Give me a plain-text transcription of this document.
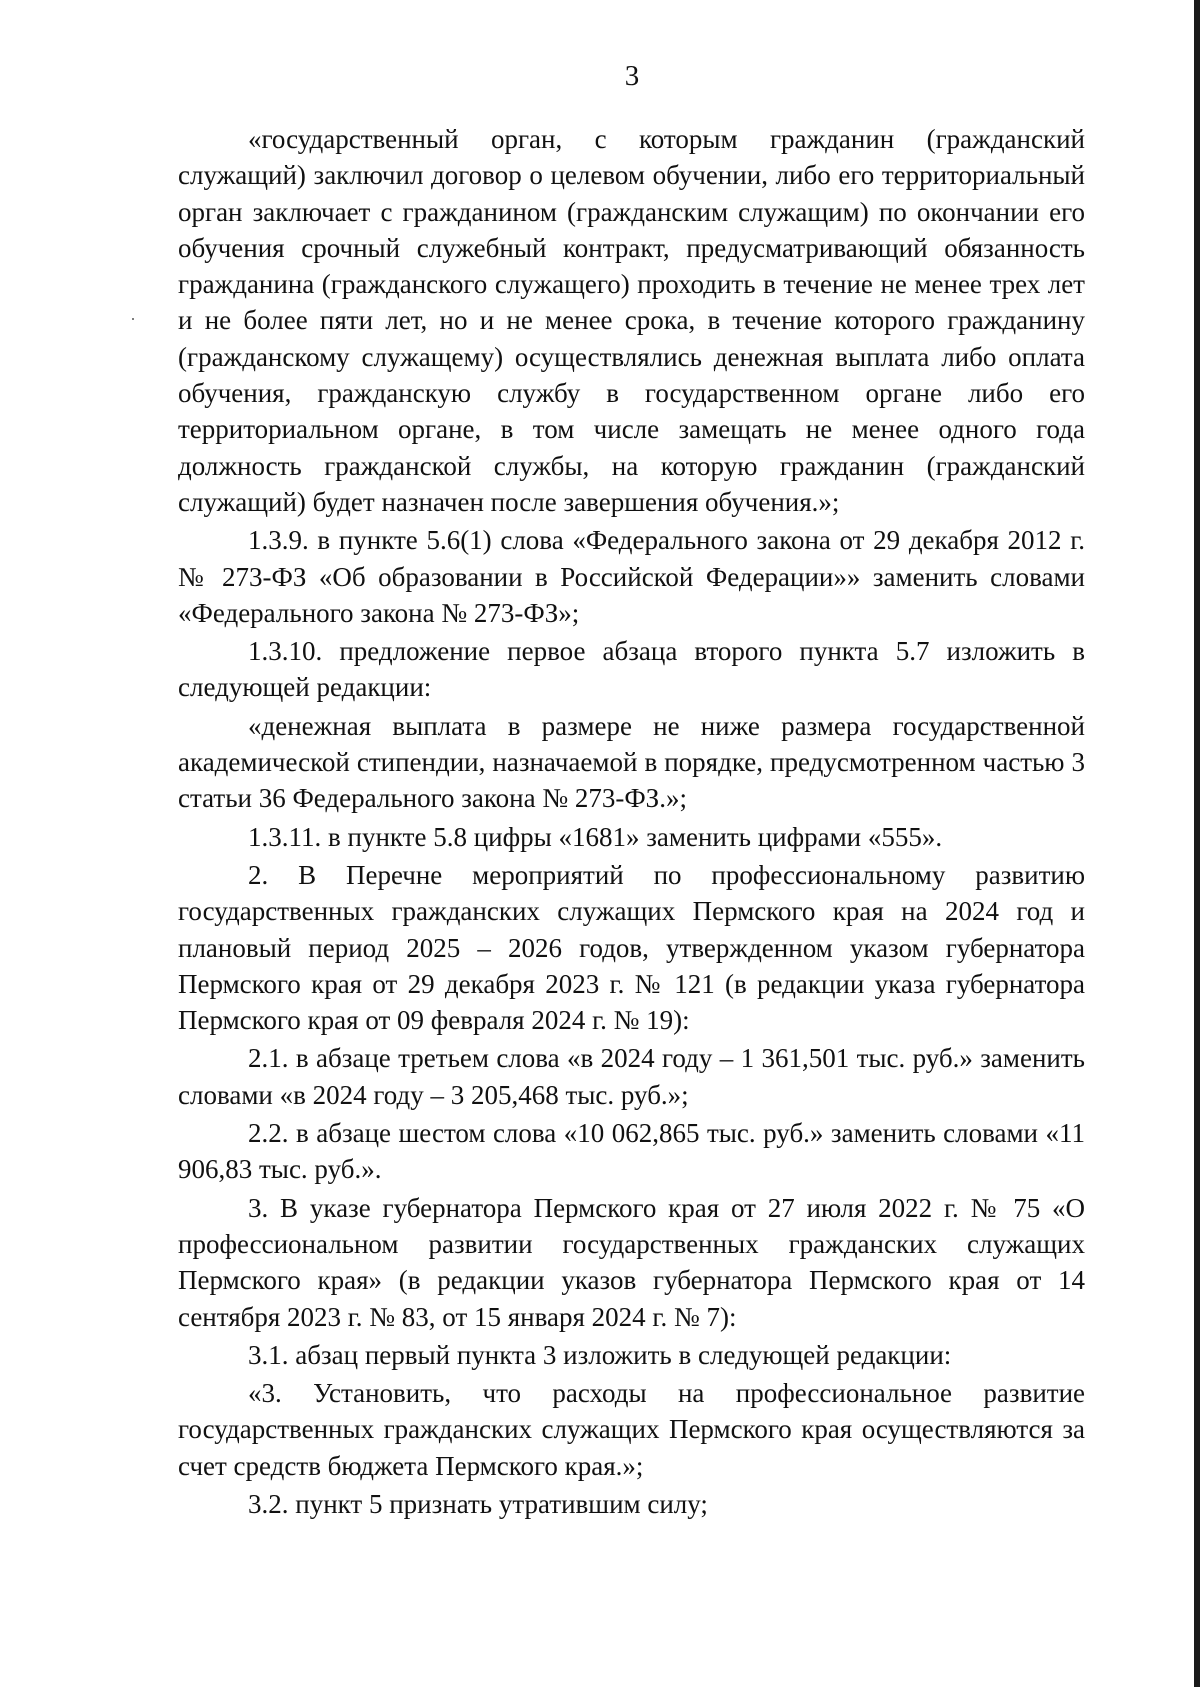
3

«государственный орган, с которым гражданин (гражданский служащий) заключил договор о целевом обучении, либо его территориальный орган заключает с гражданином (гражданским служащим) по окончании его обучения срочный служебный контракт, предусматривающий обязанность гражданина (гражданского служащего) проходить в течение не менее трех лет и не более пяти лет, но и не менее срока, в течение которого гражданину (гражданскому служащему) осуществлялись денежная выплата либо оплата обучения, гражданскую службу в государственном органе либо его территориальном органе, в том числе замещать не менее одного года должность гражданской службы, на которую гражданин (гражданский служащий) будет назначен после завершения обучения.»;

1.3.9. в пункте 5.6(1) слова «Федерального закона от 29 декабря 2012 г. № 273-ФЗ «Об образовании в Российской Федерации»» заменить словами «Федерального закона № 273-ФЗ»;

1.3.10. предложение первое абзаца второго пункта 5.7 изложить в следующей редакции:

«денежная выплата в размере не ниже размера государственной академической стипендии, назначаемой в порядке, предусмотренном частью 3 статьи 36 Федерального закона № 273-ФЗ.»;

1.3.11. в пункте 5.8 цифры «1681» заменить цифрами «555».

2. В Перечне мероприятий по профессиональному развитию государственных гражданских служащих Пермского края на 2024 год и плановый период 2025 – 2026 годов, утвержденном указом губернатора Пермского края от 29 декабря 2023 г. № 121 (в редакции указа губернатора Пермского края от 09 февраля 2024 г. № 19):

2.1. в абзаце третьем слова «в 2024 году – 1 361,501 тыс. руб.» заменить словами «в 2024 году – 3 205,468 тыс. руб.»;

2.2. в абзаце шестом слова «10 062,865 тыс. руб.» заменить словами «11 906,83 тыс. руб.».

3. В указе губернатора Пермского края от 27 июля 2022 г. № 75 «О профессиональном развитии государственных гражданских служащих Пермского края» (в редакции указов губернатора Пермского края от 14 сентября 2023 г. № 83, от 15 января 2024 г. № 7):

3.1. абзац первый пункта 3 изложить в следующей редакции:

«3. Установить, что расходы на профессиональное развитие государственных гражданских служащих Пермского края осуществляются за счет средств бюджета Пермского края.»;

3.2. пункт 5 признать утратившим силу;
